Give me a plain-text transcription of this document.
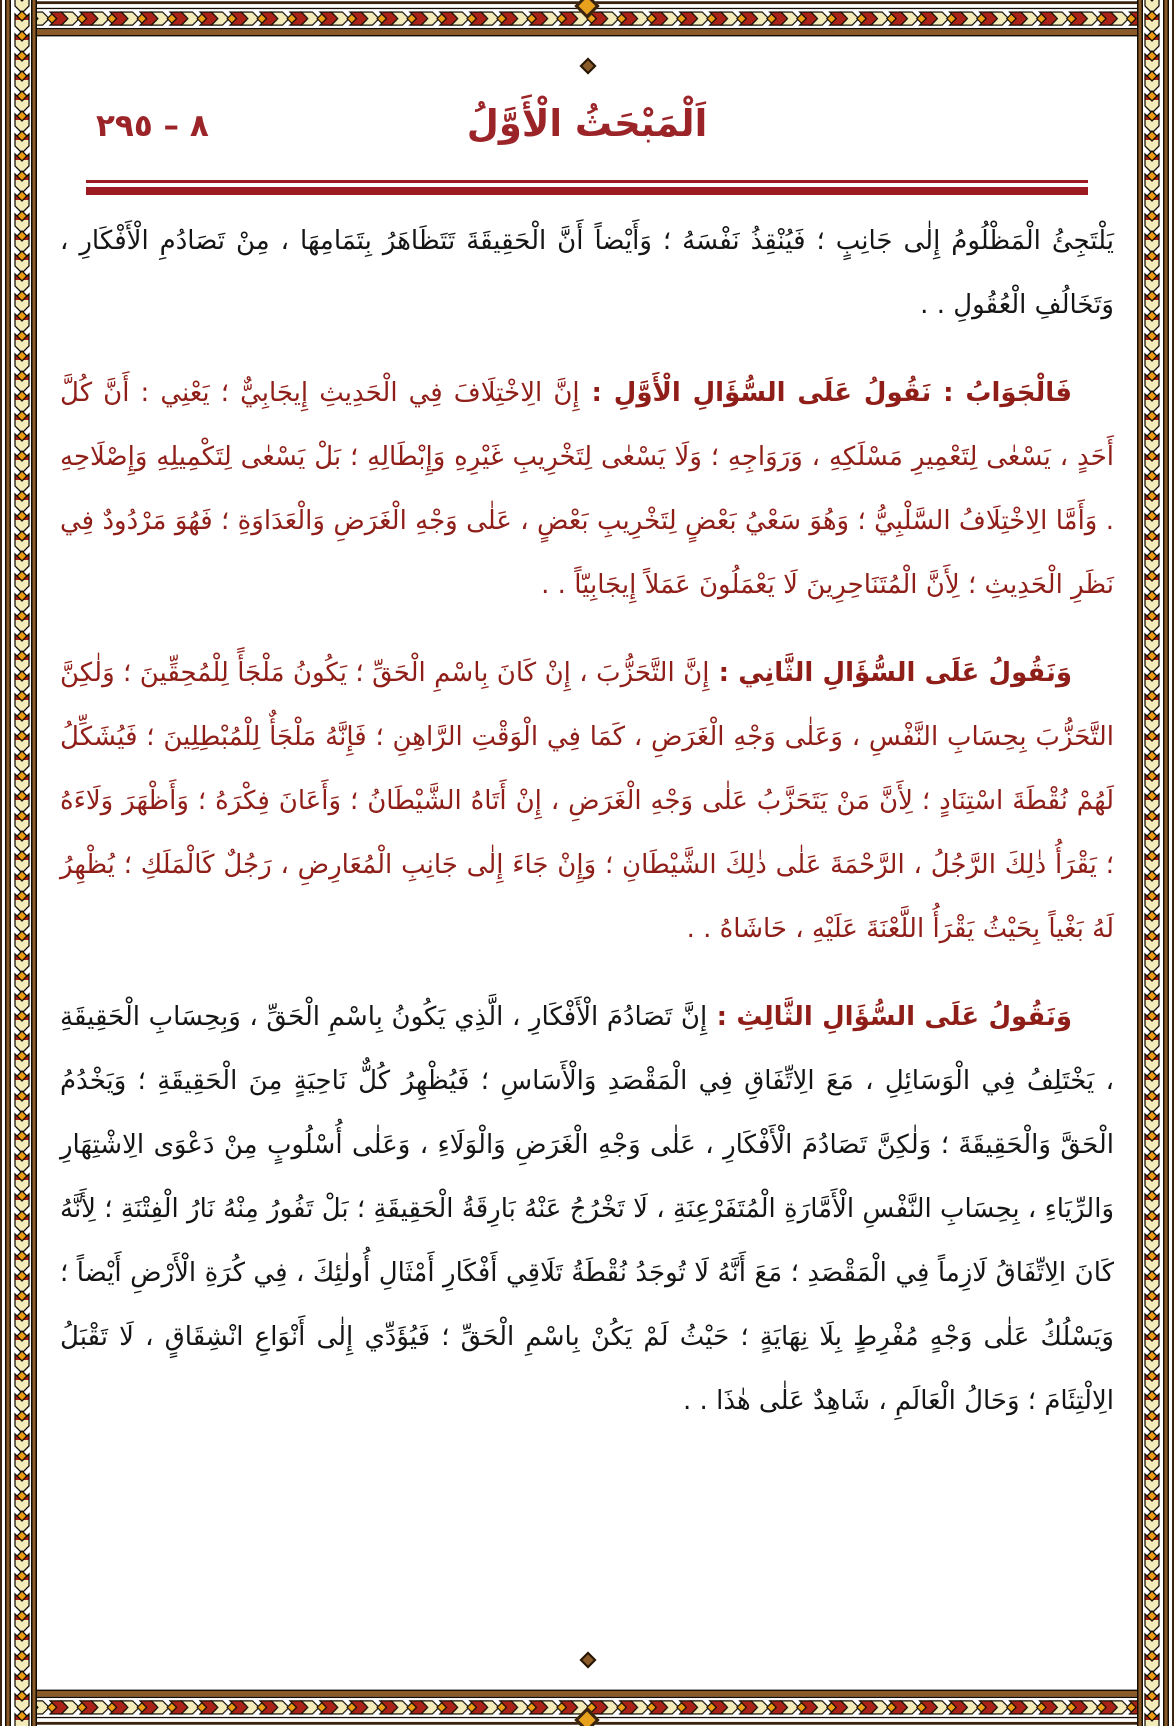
٨ – ٢٩٥	اَلْمَبْحَثُ الْأَوَّلُ

يَلْتَجِئُ الْمَظْلُومُ إِلٰى جَانِبٍ ؛ فَيُنْقِذُ نَفْسَهُ ؛ وَأَيْضاً أَنَّ الْحَقِيقَةَ تَتَظَاهَرُ بِتَمَامِهَا ، مِنْ تَصَادُمِ الْأَفْكَارِ ، وَتَخَالُفِ الْعُقُولِ . .

فَالْجَوَابُ : نَقُولُ عَلَى السُّؤَالِ الْأَوَّلِ : إِنَّ الِاخْتِلَافَ فِي الْحَدِيثِ إِيجَابِيٌّ ؛ يَعْنِي : أَنَّ كُلَّ أَحَدٍ ، يَسْعٰى لِتَعْمِيرِ مَسْلَكِهِ ، وَرَوَاجِهِ ؛ وَلَا يَسْعٰى لِتَخْرِيبِ غَيْرِهِ وَإِبْطَالِهِ ؛ بَلْ يَسْعٰى لِتَكْمِيلِهِ وَإِصْلَاحِهِ . وَأَمَّا الِاخْتِلَافُ السَّلْبِيُّ ؛ وَهُوَ سَعْيُ بَعْضٍ لِتَخْرِيبِ بَعْضٍ ، عَلٰى وَجْهِ الْغَرَضِ وَالْعَدَاوَةِ ؛ فَهُوَ مَرْدُودٌ فِي نَظَرِ الْحَدِيثِ ؛ لِأَنَّ الْمُتَنَاحِرِينَ لَا يَعْمَلُونَ عَمَلاً إِيجَابِيّاً . .

وَنَقُولُ عَلَى السُّؤَالِ الثَّانِي : إِنَّ التَّحَزُّبَ ، إِنْ كَانَ بِاسْمِ الْحَقِّ ؛ يَكُونُ مَلْجَأً لِلْمُحِقِّينَ ؛ وَلٰكِنَّ التَّحَزُّبَ بِحِسَابِ النَّفْسِ ، وَعَلٰى وَجْهِ الْغَرَضِ ، كَمَا فِي الْوَقْتِ الرَّاهِنِ ؛ فَإِنَّهُ مَلْجَأٌ لِلْمُبْطِلِينَ ؛ فَيُشَكِّلُ لَهُمْ نُقْطَةَ اسْتِنَادٍ ؛ لِأَنَّ مَنْ يَتَحَزَّبُ عَلٰى وَجْهِ الْغَرَضِ ، إِنْ أَتَاهُ الشَّيْطَانُ ؛ وَأَعَانَ فِكْرَهُ ؛ وَأَظْهَرَ وَلَاءَهُ ؛ يَقْرَأُ ذٰلِكَ الرَّجُلُ ، الرَّحْمَةَ عَلٰى ذٰلِكَ الشَّيْطَانِ ؛ وَإِنْ جَاءَ إِلٰى جَانِبِ الْمُعَارِضِ ، رَجُلٌ كَالْمَلَكِ ؛ يُظْهِرُ لَهُ بَغْياً بِحَيْثُ يَقْرَأُ اللَّعْنَةَ عَلَيْهِ ، حَاشَاهُ . .

وَنَقُولُ عَلَى السُّؤَالِ الثَّالِثِ : إِنَّ تَصَادُمَ الْأَفْكَارِ ، الَّذِي يَكُونُ بِاسْمِ الْحَقِّ ، وَبِحِسَابِ الْحَقِيقَةِ ، يَخْتَلِفُ فِي الْوَسَائِلِ ، مَعَ الِاتِّفَاقِ فِي الْمَقْصَدِ وَالْأَسَاسِ ؛ فَيُظْهِرُ كُلٌّ نَاحِيَةٍ مِنَ الْحَقِيقَةِ ؛ وَيَخْدُمُ الْحَقَّ وَالْحَقِيقَةَ ؛ وَلٰكِنَّ تَصَادُمَ الْأَفْكَارِ ، عَلٰى وَجْهِ الْغَرَضِ وَالْوَلَاءِ ، وَعَلٰى أُسْلُوبٍ مِنْ دَعْوَى الِاشْتِهَارِ وَالرِّيَاءِ ، بِحِسَابِ النَّفْسِ الْأَمَّارَةِ الْمُتَفَرْعِنَةِ ، لَا تَخْرُجُ عَنْهُ بَارِقَةُ الْحَقِيقَةِ ؛ بَلْ تَفُورُ مِنْهُ نَارُ الْفِتْنَةِ ؛ لِأَنَّهُ كَانَ الِاتِّفَاقُ لَازِماً فِي الْمَقْصَدِ ؛ مَعَ أَنَّهُ لَا تُوجَدُ نُقْطَةُ تَلَاقِي أَفْكَارِ أَمْثَالِ أُولٰئِكَ ، فِي كُرَةِ الْأَرْضِ أَيْضاً ؛ وَيَسْلُكُ عَلٰى وَجْهٍ مُفْرِطٍ بِلَا نِهَايَةٍ ؛ حَيْثُ لَمْ يَكُنْ بِاسْمِ الْحَقِّ ؛ فَيُؤَدِّي إِلٰى أَنْوَاعِ انْشِقَاقٍ ، لَا تَقْبَلُ الِالْتِئَامَ ؛ وَحَالُ الْعَالَمِ ، شَاهِدٌ عَلٰى هٰذَا . .
